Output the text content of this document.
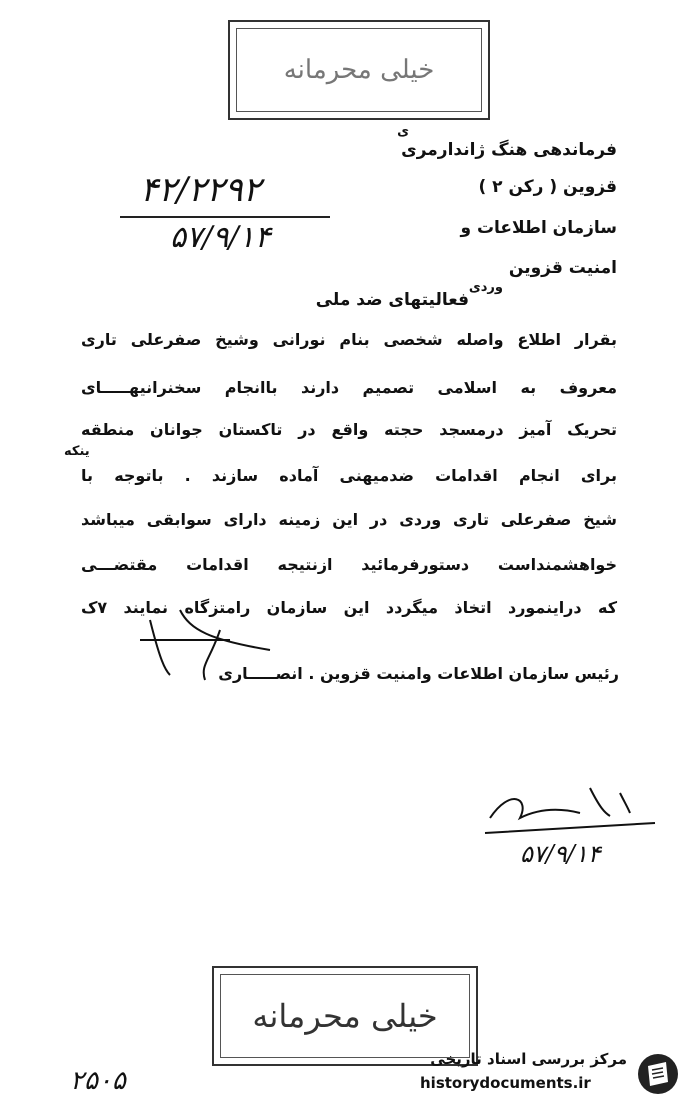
خیلی محرمانه
۴۲/۲۲۹۲
۵۷/۹/۱۴
ی
فرماندهی هنگ ژاندارمری
قزوین ( رکن ۲ )
سازمان اطلاعات و
امنیت قزوین
وردی
فعالیتهای ضد ملی
بقرار اطلاع واصله شخصی بنام نورانی وشیخ صفرعلی تاری
معروف به اسلامی تصمیم دارند باانجام سخنرانیهـــــای
تحریک آمیز درمسجد حجته واقع در تاکستان جوانان منطقه
ینکه
برای انجام اقدامات ضدمیهنی آماده سازند . باتوجه با
شیخ صفرعلی تاری وردی در این زمینه دارای سوابقی میباشد
خواهشمنداست دستورفرمائید ازنتیجه اقدامات مقتضـــی
که دراینمورد اتخاذ میگردد این سازمان رامتزگاه نمایند ۷ک
رئیس سازمان اطلاعات وامنیت قزوین . انصـــــاری
۵۷/۹/۱۴
خیلی محرمانه
۲۵۰۵
مرکز بررسی اسناد تاریخی
historydocuments.ir
